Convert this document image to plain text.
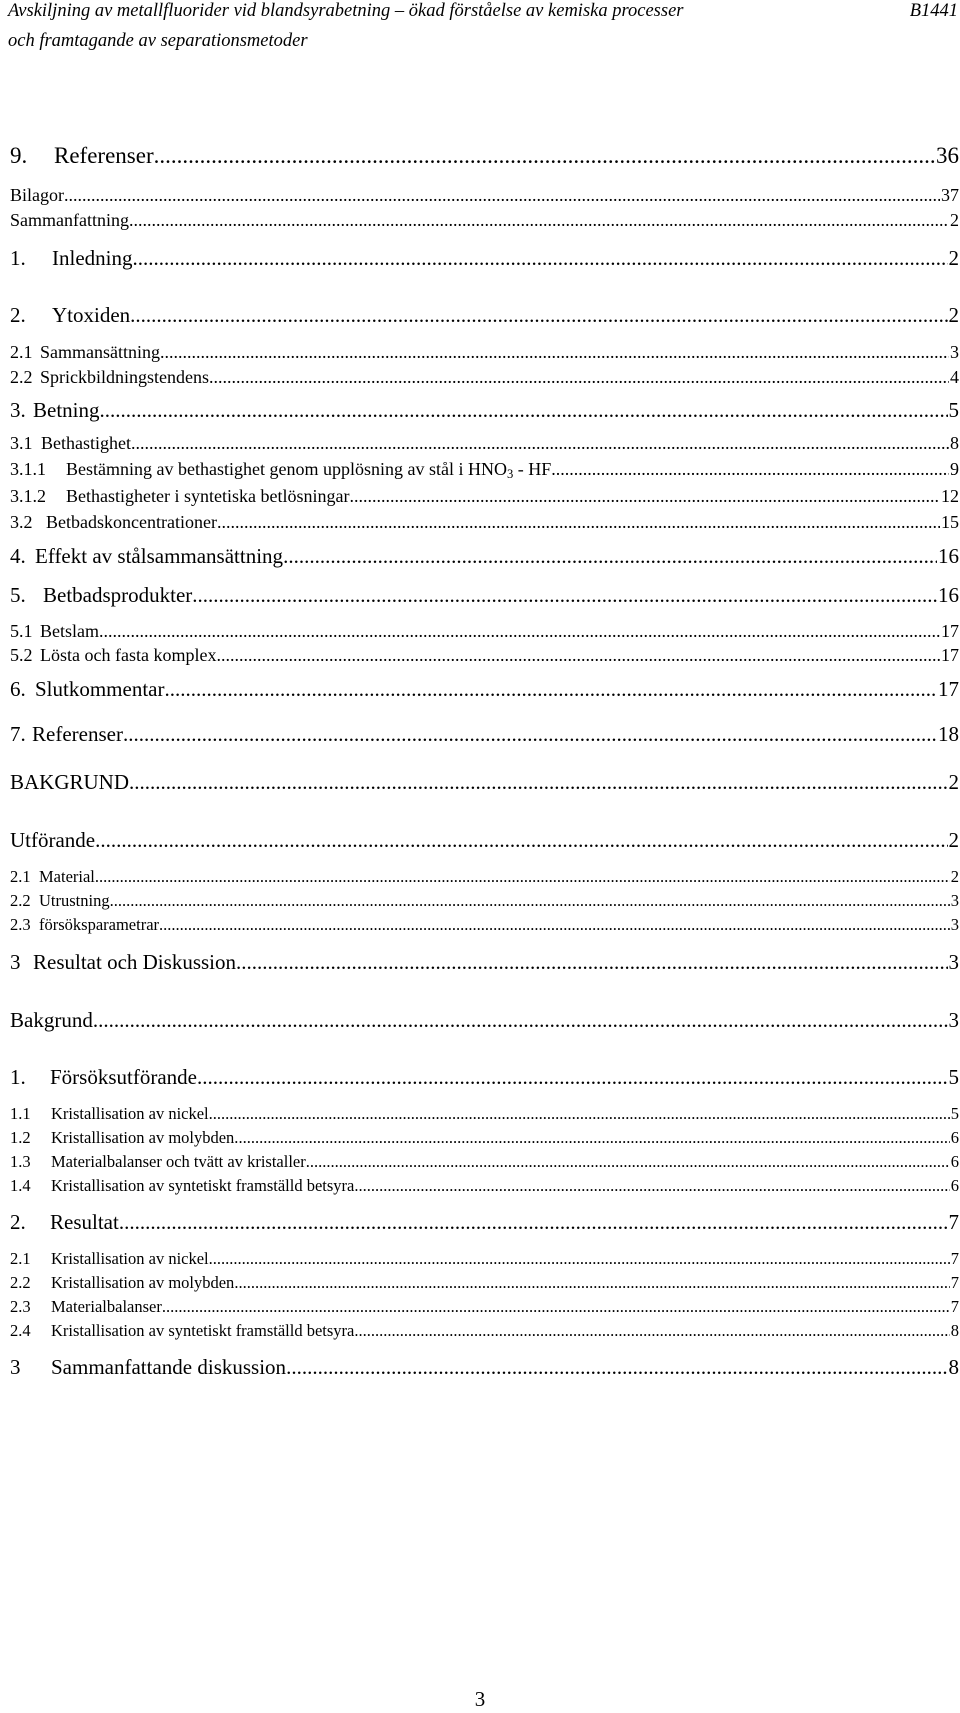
Avskiljning av metallfluorider vid blandsyrabetning – ökad förståelse av kemiska processer	B1441
och framtagande av separationsmetoder
9.	Referenser .....	36
Bilagor .....	37
Sammanfattning .....	2
1.	Inledning .....	2
2.	Ytoxiden .....	2
2.1 Sammansättning .....	3
2.2 Sprickbildningstendens .....	4
3. Betning .....	5
3.1 Bethastighet .....	8
3.1.1	Bestämning av bethastighet genom upplösning av stål i $HNO_3$ - HF .....	9
3.1.2	Bethastigheter i syntetiska betlösningar .....	12
3.2 Betbadskoncentrationer .....	15
4. Effekt av stålsammansättning .....	16
5. Betbadsprodukter .....	16
5.1 Betslam .....	17
5.2 Lösta och fasta komplex .....	17
6. Slutkommentar .....	17
7. Referenser .....	18
BAKGRUND .....	2
Utförande .....	2
2.1 Material .....	2
2.2 Utrustning .....	3
2.3 försöksparametrar .....	3
3 Resultat och Diskussion .....	3
Bakgrund .....	3
1.	Försöksutförande .....	5
1.1	Kristallisation av nickel. .....	5
1.2	Kristallisation av molybden. .....	6
1.3	Materialbalanser och tvätt av kristaller .....	6
1.4	Kristallisation av syntetiskt framställd betsyra .....	6
2.	Resultat .....	7
2.1	Kristallisation av nickel .....	7
2.2	Kristallisation av molybden .....	7
2.3	Materialbalanser .....	7
2.4	Kristallisation av syntetiskt framställd betsyra .....	8
3	Sammanfattande diskussion .....	8
3
